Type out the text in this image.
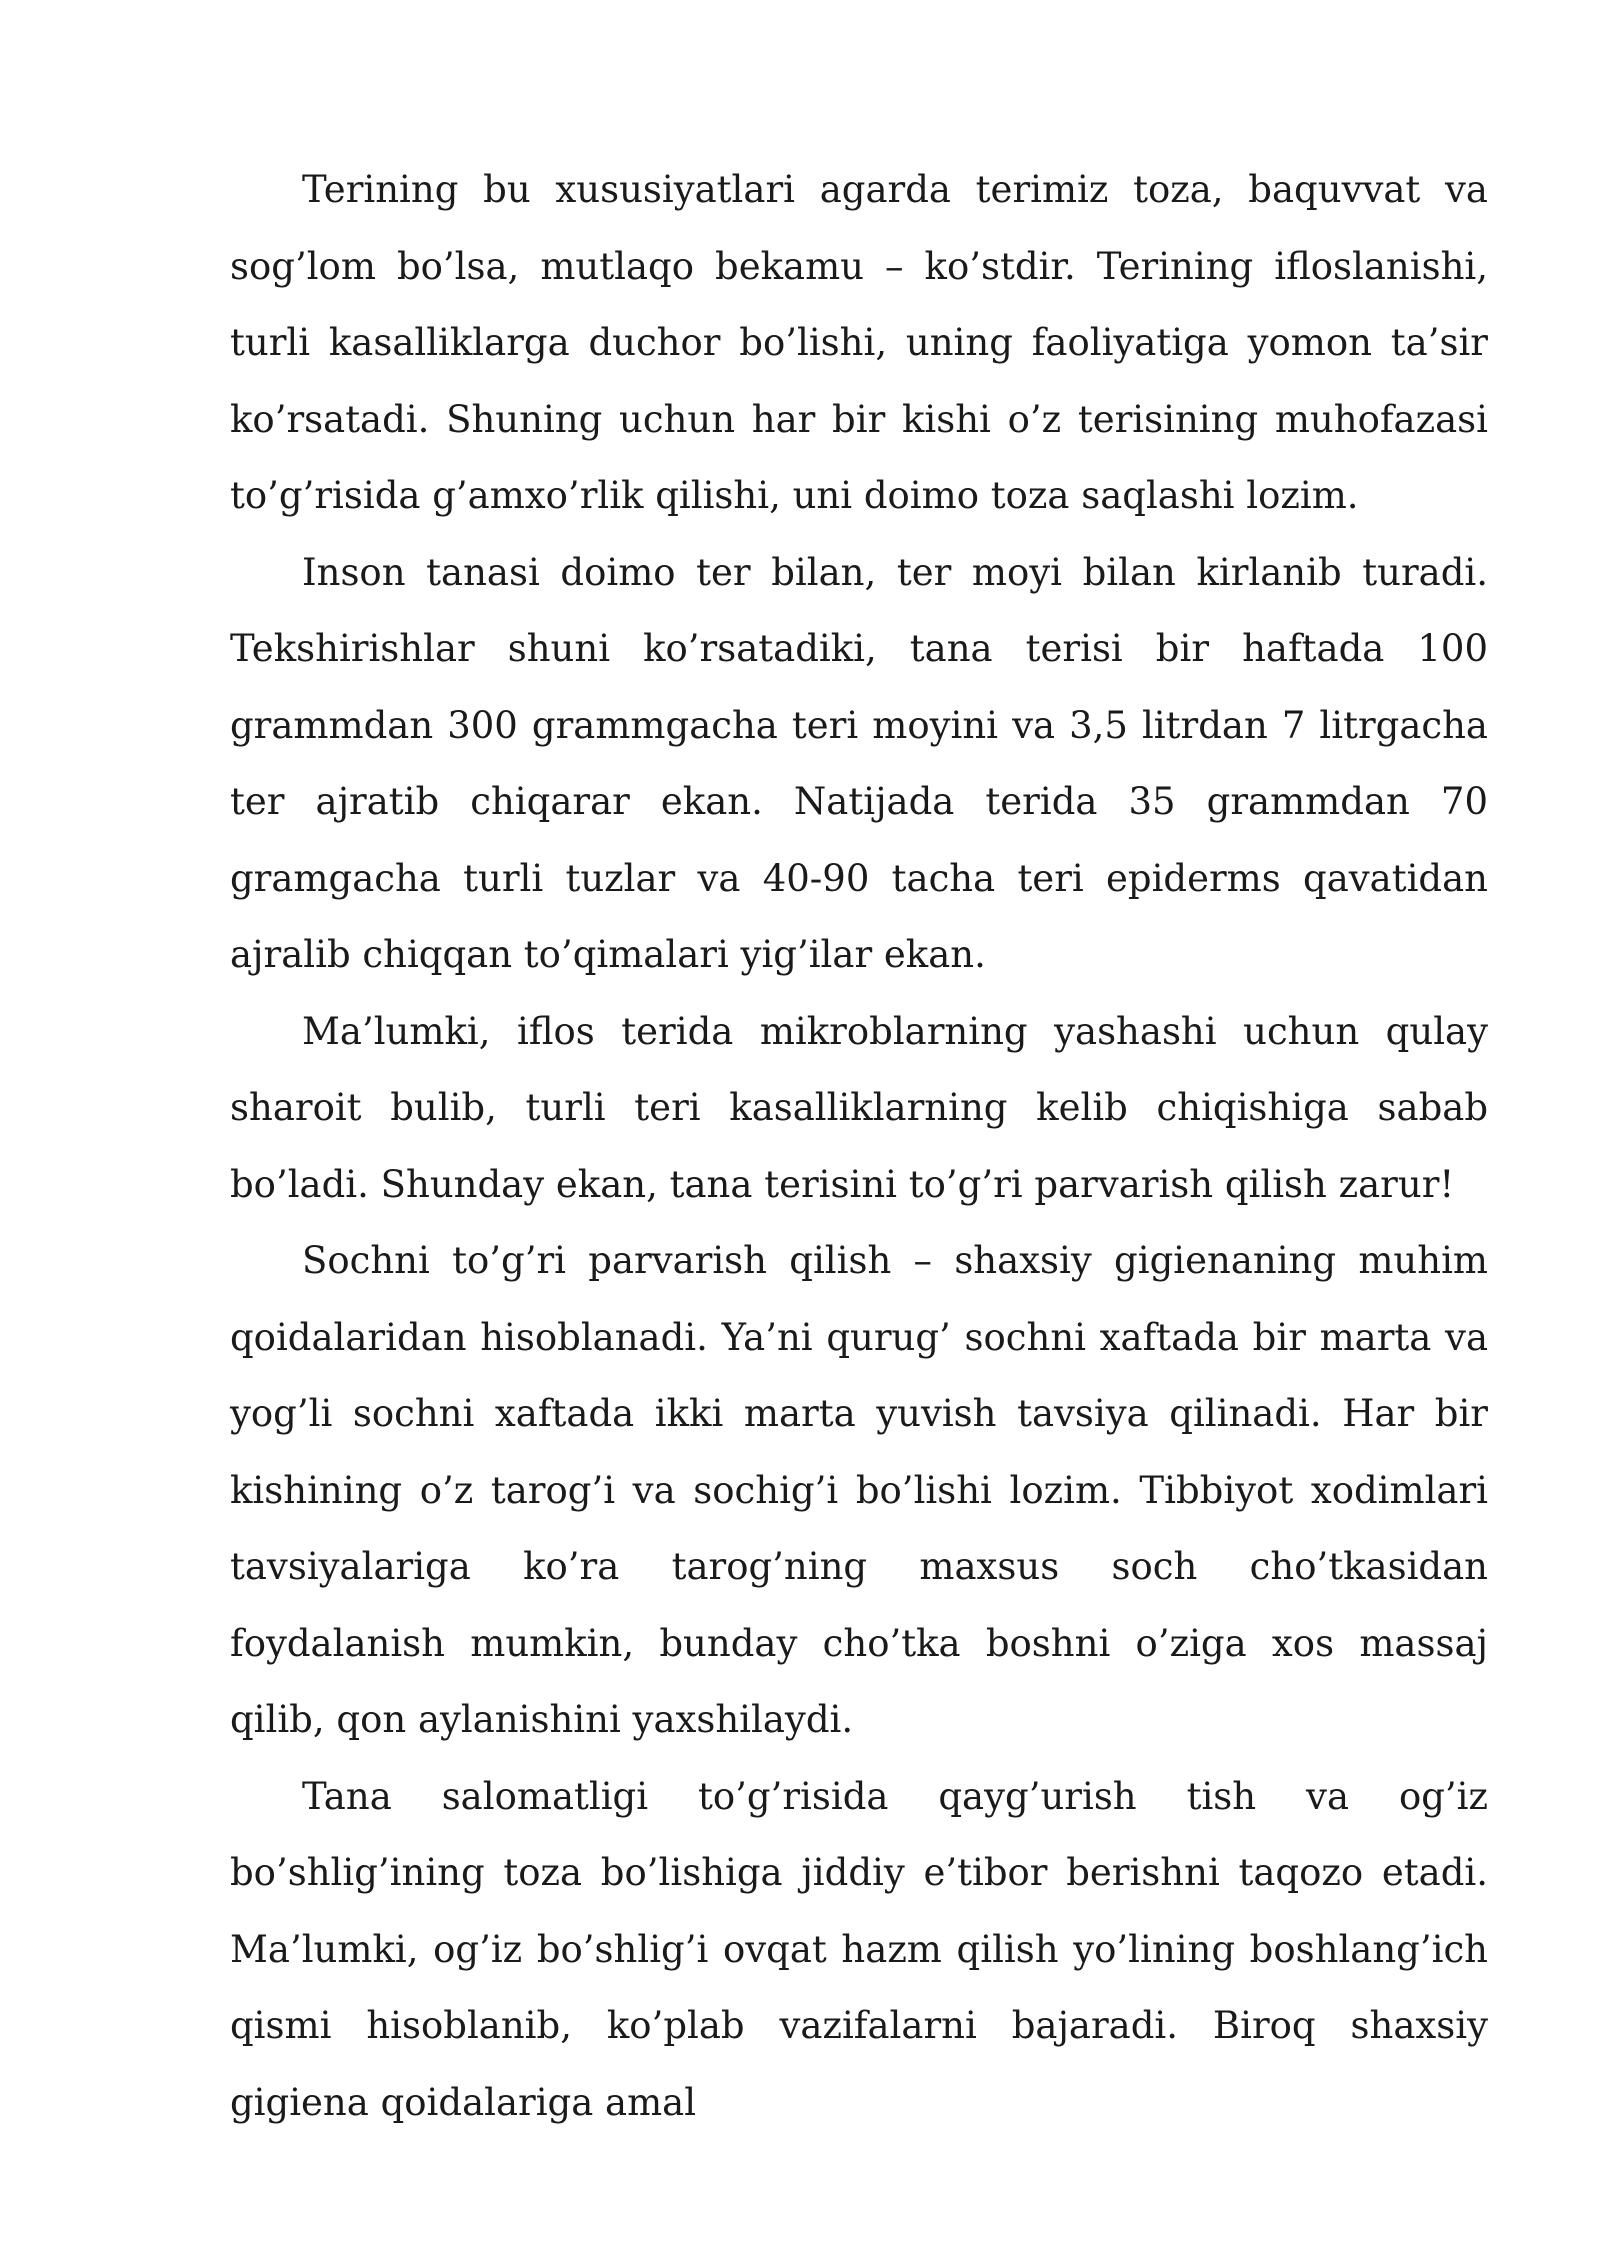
Terining bu xususiyatlari agarda terimiz toza, baquvvat va sog’lom bo’lsa, mutlaqo bekamu – ko’stdir. Terining ifloslanishi, turli kasalliklarga duchor bo’lishi, uning faoliyatiga yomon ta’sir ko’rsatadi. Shuning uchun har bir kishi o’z terisining muhofazasi to’g’risida g’amxo’rlik qilishi, uni doimo toza saqlashi lozim.

Inson tanasi doimo ter bilan, ter moyi bilan kirlanib turadi. Tekshirishlar shuni ko’rsatadiki, tana terisi bir haftada 100 grammdan 300 grammgacha teri moyini va 3,5 litrdan 7 litrgacha ter ajratib chiqarar ekan. Natijada terida 35 grammdan 70 gramgacha turli tuzlar va 40-90 tacha teri epiderms qavatidan ajralib chiqqan to’qimalari yig’ilar ekan.

Ma’lumki, iflos terida mikroblarning yashashi uchun qulay sharoit bulib, turli teri kasalliklarning kelib chiqishiga sabab bo’ladi. Shunday ekan, tana terisini to’g’ri parvarish qilish zarur!

Sochni to’g’ri parvarish qilish – shaxsiy gigienaning muhim qoidalaridan hisoblanadi. Ya’ni qurug’ sochni xaftada bir marta va yog’li sochni xaftada ikki marta yuvish tavsiya qilinadi. Har bir kishining o’z tarog’i va sochig’i bo’lishi lozim. Tibbiyot xodimlari tavsiyalariga ko’ra tarog’ning maxsus soch cho’tkasidan foydalanish mumkin, bunday cho’tka boshni o’ziga xos massaj qilib, qon aylanishini yaxshilaydi.

Tana salomatligi to’g’risida qayg’urish tish va og’iz bo’shlig’ining toza bo’lishiga jiddiy e’tibor berishni taqozo etadi. Ma’lumki, og’iz bo’shlig’i ovqat hazm qilish yo’lining boshlang’ich qismi hisoblanib, ko’plab vazifalarni bajaradi. Biroq shaxsiy gigiena qoidalariga amal
